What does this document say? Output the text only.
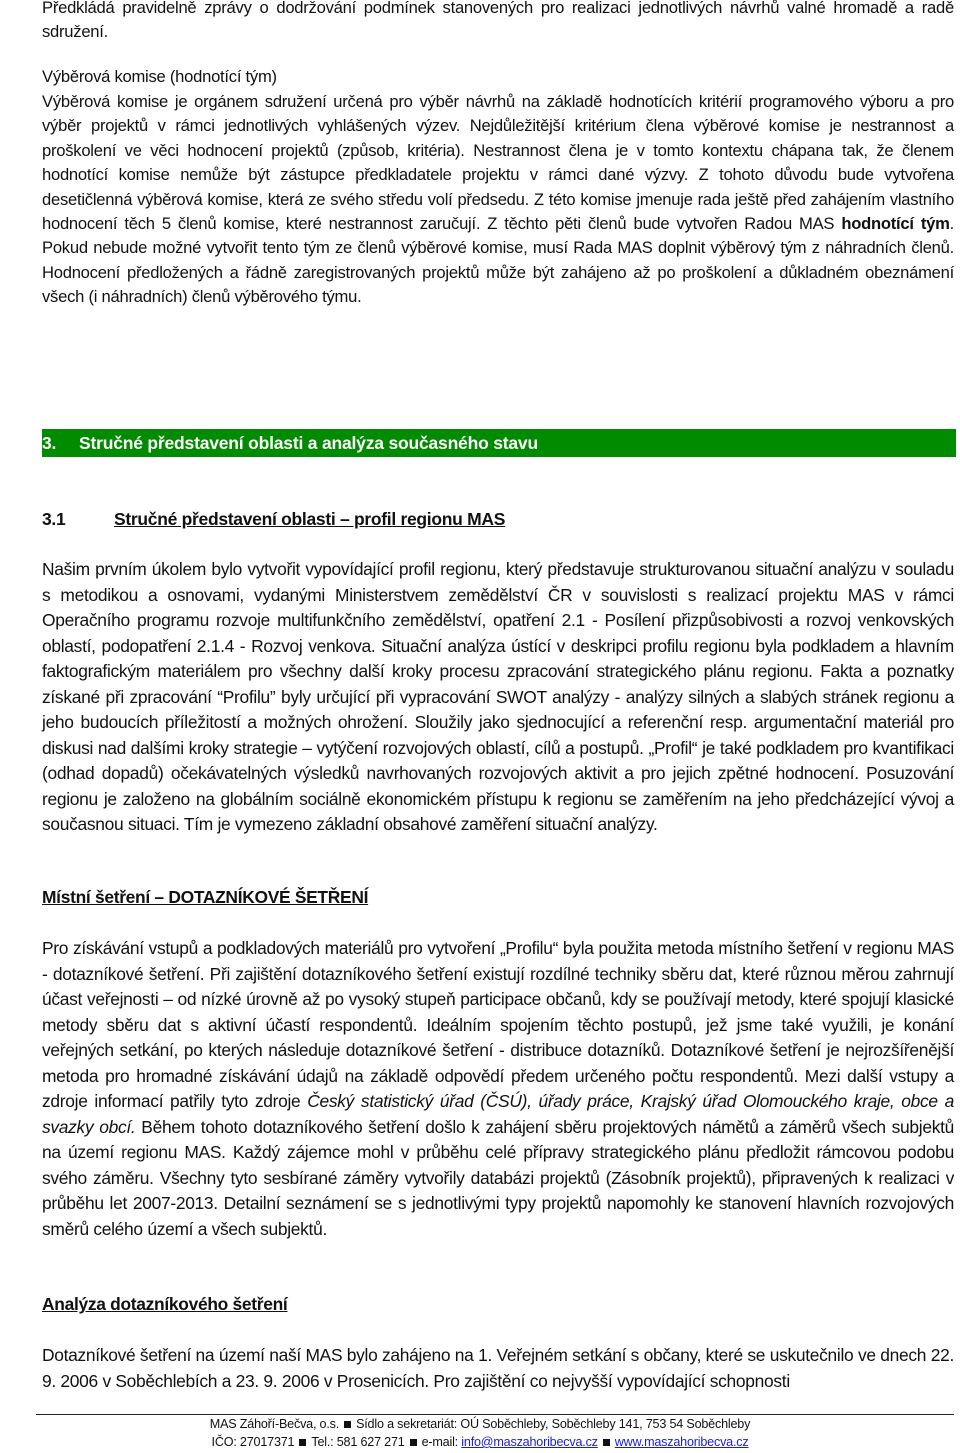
Předkládá pravidelně zprávy o dodržování podmínek stanovených pro realizaci jednotlivých návrhů valné hromadě a radě sdružení.

Výběrová komise (hodnotící tým)

Výběrová komise je orgánem sdružení určená pro výběr návrhů na základě hodnotících kritérií programového výboru a pro výběr projektů v rámci jednotlivých vyhlášených výzev. Nejdůležitější kritérium člena výběrové komise je nestrannost a proškolení ve věci hodnocení projektů (způsob, kritéria). Nestrannost člena je v tomto kontextu chápana tak, že členem hodnotící komise nemůže být zástupce předkladatele projektu v rámci dané výzvy. Z tohoto důvodu bude vytvořena desetičlenná výběrová komise, která ze svého středu volí předsedu. Z této komise jmenuje rada ještě před zahájením vlastního hodnocení těch 5 členů komise, které nestrannost zaručují. Z těchto pěti členů bude vytvořen Radou MAS hodnotící tým. Pokud nebude možné vytvořit tento tým ze členů výběrové komise, musí Rada MAS doplnit výběrový tým z náhradních členů. Hodnocení předložených a řádně zaregistrovaných projektů může být zahájeno až po proškolení a důkladném obeznámení všech (i náhradních) členů výběrového týmu.

3. Stručné představení oblasti a analýza současného stavu
3.1	Stručné představení oblasti – profil regionu MAS

Našim prvním úkolem bylo vytvořit vypovídající profil regionu, který představuje strukturovanou situační analýzu v souladu s metodikou a osnovami, vydanými Ministerstvem zemědělství ČR v souvislosti s realizací projektu MAS v rámci Operačního programu rozvoje multifunkčního zemědělství, opatření 2.1 - Posílení přizpůsobivosti a rozvoj venkovských oblastí, podopatření 2.1.4 - Rozvoj venkova. Situační analýza ústící v deskripci profilu regionu byla podkladem a hlavním faktografickým materiálem pro všechny další kroky procesu zpracování strategického plánu regionu. Fakta a poznatky získané při zpracování “Profilu” byly určující při vypracování SWOT analýzy - analýzy silných a slabých stránek regionu a jeho budoucích příležitostí a možných ohrožení. Sloužily jako sjednocující a referenční resp. argumentační materiál pro diskusi nad dalšími kroky strategie – vytýčení rozvojových oblastí, cílů a postupů. „Profil“ je také podkladem pro kvantifikaci (odhad dopadů) očekávatelných výsledků navrhovaných rozvojových aktivit a pro jejich zpětné hodnocení. Posuzování regionu je založeno na globálním sociálně ekonomickém přístupu k regionu se zaměřením na jeho předcházející vývoj a současnou situaci. Tím je vymezeno základní obsahové zaměření situační analýzy.

Místní šetření – DOTAZNÍKOVÉ ŠETŘENÍ

Pro získávání vstupů a podkladových materiálů pro vytvoření „Profilu“ byla použita metoda místního šetření v regionu MAS - dotazníkové šetření. Při zajištění dotazníkového šetření existují rozdílné techniky sběru dat, které různou měrou zahrnují účast veřejnosti – od nízké úrovně až po vysoký stupeň participace občanů, kdy se používají metody, které spojují klasické metody sběru dat s aktivní účastí respondentů. Ideálním spojením těchto postupů, jež jsme také využili, je konání veřejných setkání, po kterých následuje dotazníkové šetření - distribuce dotazníků. Dotazníkové šetření je nejrozšířenější metoda pro hromadné získávání údajů na základě odpovědí předem určeného počtu respondentů. Mezi další vstupy a zdroje informací patřily tyto zdroje Český statistický úřad (ČSÚ), úřady práce, Krajský úřad Olomouckého kraje, obce a svazky obcí. Během tohoto dotazníkového šetření došlo k zahájení sběru projektových námětů a záměrů všech subjektů na území regionu MAS. Každý zájemce mohl v průběhu celé přípravy strategického plánu předložit rámcovou podobu svého záměru. Všechny tyto sesbírané záměry vytvořily databázi projektů (Zásobník projektů), připravených k realizaci v průběhu let 2007-2013. Detailní seznámení se s jednotlivými typy projektů napomohly ke stanovení hlavních rozvojových směrů celého území a všech subjektů.

Analýza dotazníkového šetření

Dotazníkové šetření na území naší MAS bylo zahájeno na 1. Veřejném setkání s občany, které se uskutečnilo ve dnech 22. 9. 2006 v Soběchlebích a 23. 9. 2006 v Prosenicích. Pro zajištění co nejvyšší vypovídající schopnosti

MAS Záhoří-Bečva, o.s. Sídlo a sekretariát: OÚ Soběchleby, Soběchleby 141, 753 54 Soběchleby
IČO: 27017371 Tel.: 581 627 271 e-mail: info@maszahoribecva.cz www.maszahoribecva.cz
